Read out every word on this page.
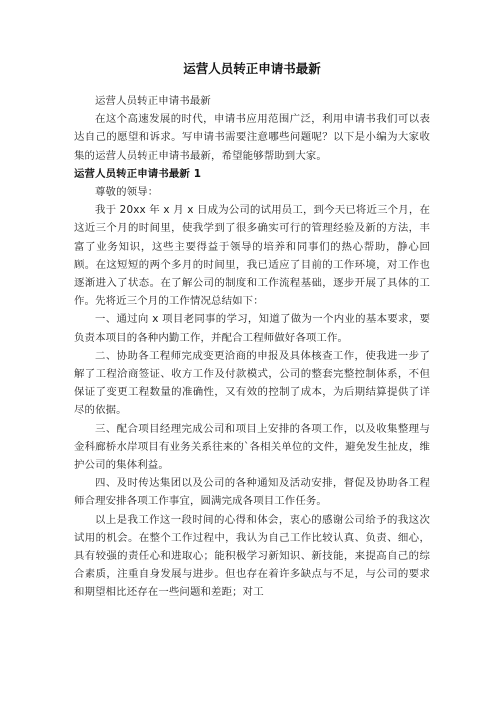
运营人员转正申请书最新

运营人员转正申请书最新

在这个高速发展的时代，申请书应用范围广泛，利用申请书我们可以表达自己的愿望和诉求。写申请书需要注意哪些问题呢？以下是小编为大家收集的运营人员转正申请书最新，希望能够帮助到大家。

运营人员转正申请书最新 1

尊敬的领导：

我于 20xx 年 x 月 x 日成为公司的试用员工，到今天已将近三个月，在这近三个月的时间里，使我学到了很多确实可行的管理经验及新的方法，丰富了业务知识，这些主要得益于领导的培养和同事们的热心帮助，静心回顾。在这短短的两个多月的时间里，我已适应了目前的工作环境，对工作也逐渐进入了状态。在了解公司的制度和工作流程基础，逐步开展了具体的工作。先将近三个月的工作情况总结如下：

一、通过向 x 项目老同事的学习，知道了做为一个内业的基本要求，要负责本项目的各种内勤工作，并配合工程师做好各项工作。

二、协助各工程师完成变更洽商的申报及具体核查工作，使我进一步了解了工程洽商签证、收方工作及付款模式，公司的整套完整控制体系，不但保证了变更工程数量的准确性，又有效的控制了成本，为后期结算提供了详尽的依据。

三、配合项目经理完成公司和项目上安排的各项工作，以及收集整理与金科廊桥水岸项目有业务关系往来的`各相关单位的文件，避免发生扯皮，维护公司的集体利益。

四、及时传达集团以及公司的各种通知及活动安排，督促及协助各工程师合理安排各项工作事宜，圆满完成各项目工作任务。

以上是我工作这一段时间的心得和体会，衷心的感谢公司给予的我这次试用的机会。在整个工作过程中，我认为自己工作比较认真、负责、细心，具有较强的责任心和进取心；能积极学习新知识、新技能，来提高自己的综合素质，注重自身发展与进步。但也存在着许多缺点与不足，与公司的要求和期望相比还存在一些问题和差距；对工
